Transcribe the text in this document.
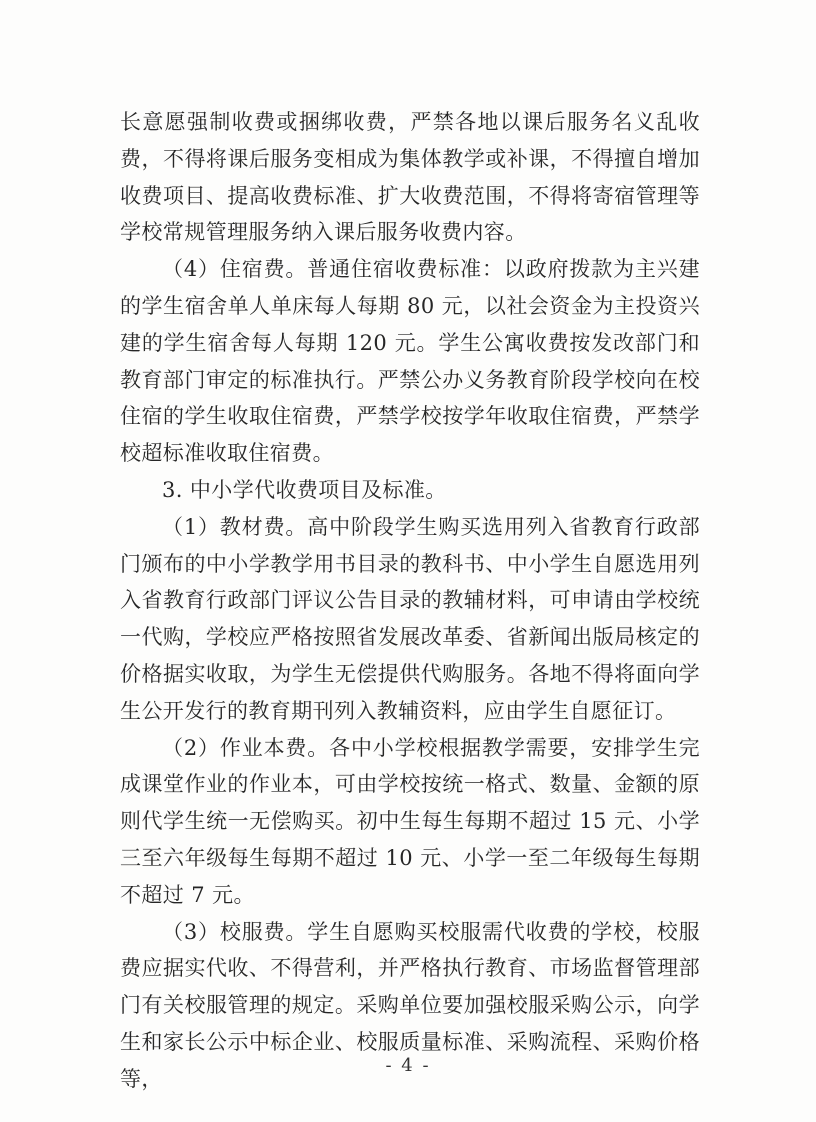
长意愿强制收费或捆绑收费，严禁各地以课后服务名义乱收费，不得将课后服务变相成为集体教学或补课，不得擅自增加收费项目、提高收费标准、扩大收费范围，不得将寄宿管理等学校常规管理服务纳入课后服务收费内容。

（4）住宿费。普通住宿收费标准：以政府拨款为主兴建的学生宿舍单人单床每人每期 80 元，以社会资金为主投资兴建的学生宿舍每人每期 120 元。学生公寓收费按发改部门和教育部门审定的标准执行。严禁公办义务教育阶段学校向在校住宿的学生收取住宿费，严禁学校按学年收取住宿费，严禁学校超标准收取住宿费。

3. 中小学代收费项目及标准。

（1）教材费。高中阶段学生购买选用列入省教育行政部门颁布的中小学教学用书目录的教科书、中小学生自愿选用列入省教育行政部门评议公告目录的教辅材料，可申请由学校统一代购，学校应严格按照省发展改革委、省新闻出版局核定的价格据实收取，为学生无偿提供代购服务。各地不得将面向学生公开发行的教育期刊列入教辅资料，应由学生自愿征订。

（2）作业本费。各中小学校根据教学需要，安排学生完成课堂作业的作业本，可由学校按统一格式、数量、金额的原则代学生统一无偿购买。初中生每生每期不超过 15 元、小学三至六年级每生每期不超过 10 元、小学一至二年级每生每期不超过 7 元。

（3）校服费。学生自愿购买校服需代收费的学校，校服费应据实代收、不得营利，并严格执行教育、市场监督管理部门有关校服管理的规定。采购单位要加强校服采购公示，向学生和家长公示中标企业、校服质量标准、采购流程、采购价格等，

- 4 -
